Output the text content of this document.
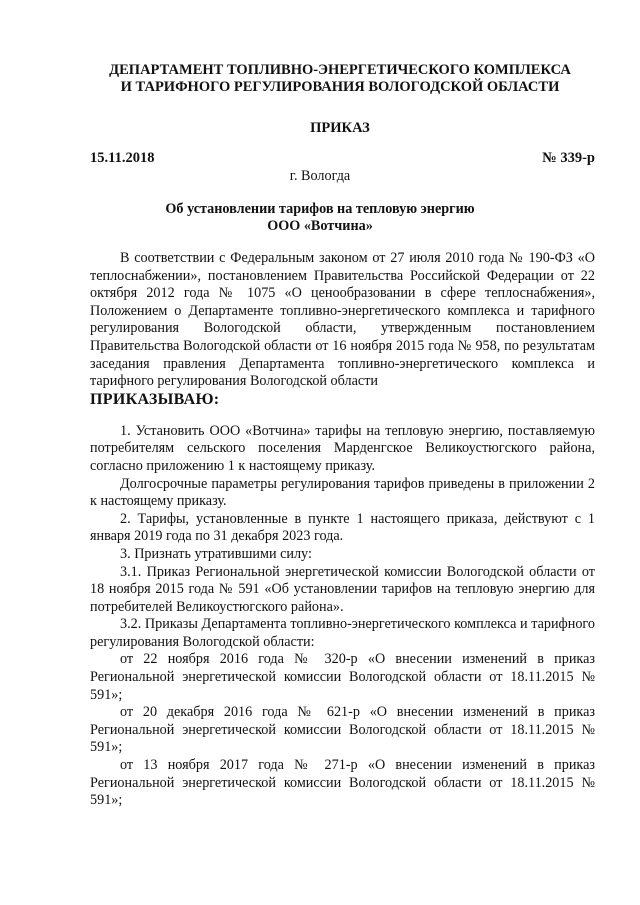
ДЕПАРТАМЕНТ ТОПЛИВНО-ЭНЕРГЕТИЧЕСКОГО КОМПЛЕКСА
И ТАРИФНОГО РЕГУЛИРОВАНИЯ ВОЛОГОДСКОЙ ОБЛАСТИ
ПРИКАЗ
15.11.2018	№ 339-р
г. Вологда
Об установлении тарифов на тепловую энергию
ООО «Вотчина»

В соответствии с Федеральным законом от 27 июля 2010 года № 190-ФЗ «О теплоснабжении», постановлением Правительства Российской Федерации от 22 октября 2012 года № 1075 «О ценообразовании в сфере теплоснабжения», Положением о Департаменте топливно-энергетического комплекса и тарифного регулирования Вологодской области, утвержденным постановлением Правительства Вологодской области от 16 ноября 2015 года № 958, по результатам заседания правления Департамента топливно-энергетического комплекса и тарифного регулирования Вологодской области

ПРИКАЗЫВАЮ:

1. Установить ООО «Вотчина» тарифы на тепловую энергию, поставляемую потребителям сельского поселения Марденгское Великоустюгского района, согласно приложению 1 к настоящему приказу.

Долгосрочные параметры регулирования тарифов приведены в приложении 2 к настоящему приказу.

2. Тарифы, установленные в пункте 1 настоящего приказа, действуют с 1 января 2019 года по 31 декабря 2023 года.

3. Признать утратившими силу:

3.1. Приказ Региональной энергетической комиссии Вологодской области от 18 ноября 2015 года № 591 «Об установлении тарифов на тепловую энергию для потребителей Великоустюгского района».

3.2. Приказы Департамента топливно-энергетического комплекса и тарифного регулирования Вологодской области:

от 22 ноября 2016 года № 320-р «О внесении изменений в приказ Региональной энергетической комиссии Вологодской области от 18.11.2015 № 591»;

от 20 декабря 2016 года № 621-р «О внесении изменений в приказ Региональной энергетической комиссии Вологодской области от 18.11.2015 № 591»;

от 13 ноября 2017 года № 271-р «О внесении изменений в приказ Региональной энергетической комиссии Вологодской области от 18.11.2015 № 591»;
